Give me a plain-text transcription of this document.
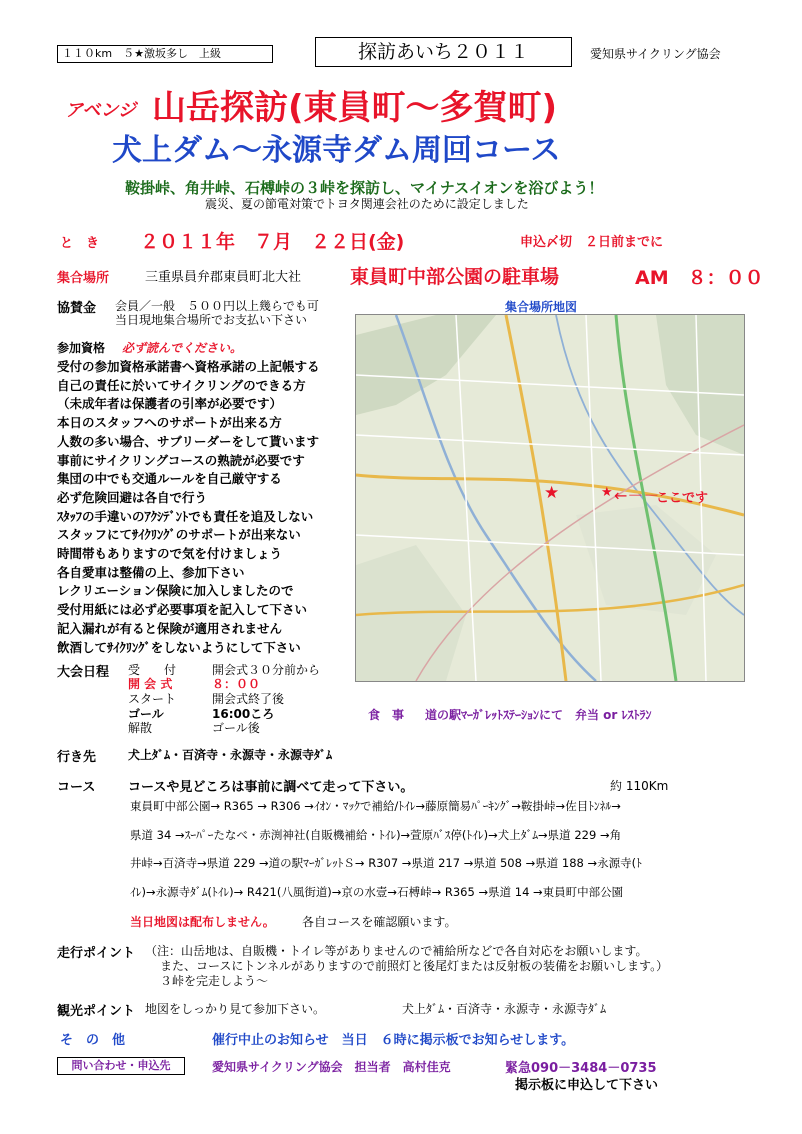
１１０km　５★激坂多し　上級	探訪あいち２０１１	愛知県サイクリング協会
アベンジ 山岳探訪(東員町～多賀町)
犬上ダム～永源寺ダム周回コース
鞍掛峠、角井峠、石榑峠の３峠を探訪し、マイナスイオンを浴びよう！
震災、夏の節電対策でトヨタ関連会社のために設定しました
と　き ２０１１年　７月　２２日(金)	申込〆切　２日前までに
集合場所	三重県員弁郡東員町北大社	東員町中部公園の駐車場	AM　８：００
協賛金 会員／一般　５００円以上幾らでも可
当日現地集合場所でお支払い下さい
集合場所地図
参加資格 必ず読んでください。
受付の参加資格承諾書へ資格承諾の上記帳する
自己の責任に於いてサイクリングのできる方
（未成年者は保護者の引率が必要です）
本日のスタッフへのサポートが出来る方
人数の多い場合、サブリーダーをして貰います
事前にサイクリングコースの熟読が必要です
集団の中でも交通ルールを自己厳守する
必ず危険回避は各自で行う
ｽﾀｯﾌの手違いのｱｸｼﾃﾞﾝﾄでも責任を追及しない
スタッフにてｻｲｸﾘﾝｸﾞのサポートが出来ない
時間帯もありますので気を付けましょう
各自愛車は整備の上、参加下さい
レクリエーション保険に加入しましたので
受付用紙には必ず必要事項を記入して下さい
記入漏れが有ると保険が適用されません
飲酒してｻｲｸﾘﾝｸﾞをしないようにして下さい
★	★ ←－－
ここです
大会日程 受　　付	開会式３０分前から
開 会 式	８：００
スタート	開会式終了後
ゴール	16:00ころ
解散	ゴール後
食　事 道の駅ﾏｰｶﾞﾚｯﾄｽﾃｰｼｮﾝにて　弁当 or ﾚｽﾄﾗﾝ
行き先	犬上ﾀﾞﾑ・百済寺・永源寺・永源寺ﾀﾞﾑ
コース	コースや見どころは事前に調べて走って下さい。	約 110Km
東員町中部公園→ R365 → R306 →ｲｵﾝ・ﾏｯｸで補給/ﾄｲﾚ→藤原簡易ﾊﾟｰｷﾝｸﾞ→鞍掛峠→佐目ﾄﾝﾈﾙ→
県道 34 →ｽｰﾊﾟｰたなべ・赤渕神社(自販機補給・ﾄｲﾚ)→萱原ﾊﾞｽ停(ﾄｲﾚ)→犬上ﾀﾞﾑ→県道 229 →角
井峠→百済寺→県道 229 →道の駅ﾏｰｶﾞﾚｯﾄＳ→ R307 →県道 217 →県道 508 →県道 188 →永源寺(ﾄ
ｲﾚ)→永源寺ﾀﾞﾑ(ﾄｲﾚ)→ R421(八風街道)→京の水壹→石榑峠→ R365 →県道 14 →東員町中部公園
当日地図は配布しません。 各自コースを確認願います。
走行ポイント （注：山岳地は、自販機・トイレ等がありませんので補給所などで各自対応をお願いします。
また、コースにトンネルがありますので前照灯と後尾灯または反射板の装備をお願いします。）
３峠を完走しよう～
観光ポイント 地図をしっかり見て参加下さい。	犬上ﾀﾞﾑ・百済寺・永源寺・永源寺ﾀﾞﾑ
そ　の　他	催行中止のお知らせ　当日　６時に掲示板でお知らせします。
問い合わせ・申込先	愛知県サイクリング協会　担当者　高村佳克	緊急090－3484－0735
掲示板に申込して下さい
